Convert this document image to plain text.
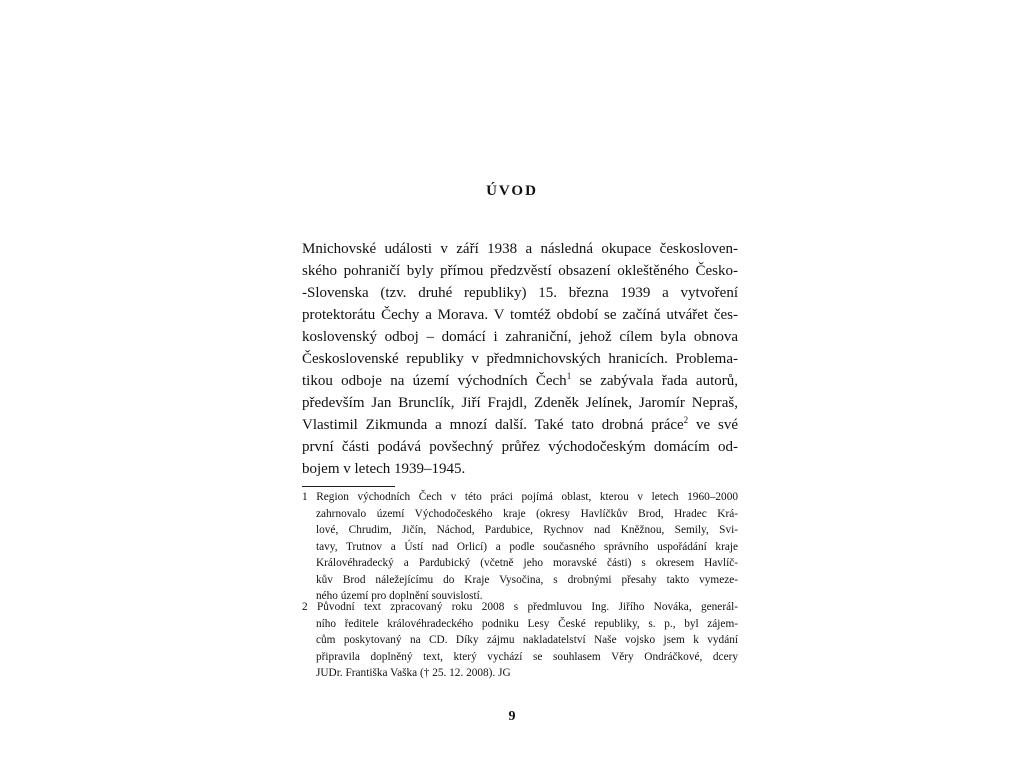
ÚVOD
Mnichovské události v září 1938 a následná okupace českosloven-
ského pohraničí byly přímou předzvěstí obsazení okleštěného Česko-
-Slovenska (tzv. druhé republiky) 15. března 1939 a vytvoření
protektorátu Čechy a Morava. V tomtéž období se začíná utvářet čes-
koslovenský odboj – domácí i zahraniční, jehož cílem byla obnova
Československé republiky v předmnichovských hranicích. Problema-
tikou odboje na území východních Čech$^1$ se zabývala řada autorů,
především Jan Brunclík, Jiří Frajdl, Zdeněk Jelínek, Jaromír Nepraš,
Vlastimil Zikmunda a mnozí další. Také tato drobná práce$^2$ ve své
první části podává povšechný průřez východočeským domácím od-
bojem v letech 1939–1945.
1 Region východních Čech v této práci pojímá oblast, kterou v letech 1960–2000
zahrnovalo území Východočeského kraje (okresy Havlíčkův Brod, Hradec Krá-
lové, Chrudim, Jičín, Náchod, Pardubice, Rychnov nad Kněžnou, Semily, Svi-
tavy, Trutnov a Ústí nad Orlicí) a podle současného správního uspořádání kraje
Královéhradecký a Pardubický (včetně jeho moravské části) s okresem Havlíč-
kův Brod náležejícímu do Kraje Vysočina, s drobnými přesahy takto vymeze-
ného území pro doplnění souvislostí.
2 Původní text zpracovaný roku 2008 s předmluvou Ing. Jiřího Nováka, generál-
ního ředitele královéhradeckého podniku Lesy České republiky, s. p., byl zájem-
cům poskytovaný na CD. Díky zájmu nakladatelství Naše vojsko jsem k vydání
připravila doplněný text, který vychází se souhlasem Věry Ondráčkové, dcery
JUDr. Františka Vaška († 25. 12. 2008). JG
9
